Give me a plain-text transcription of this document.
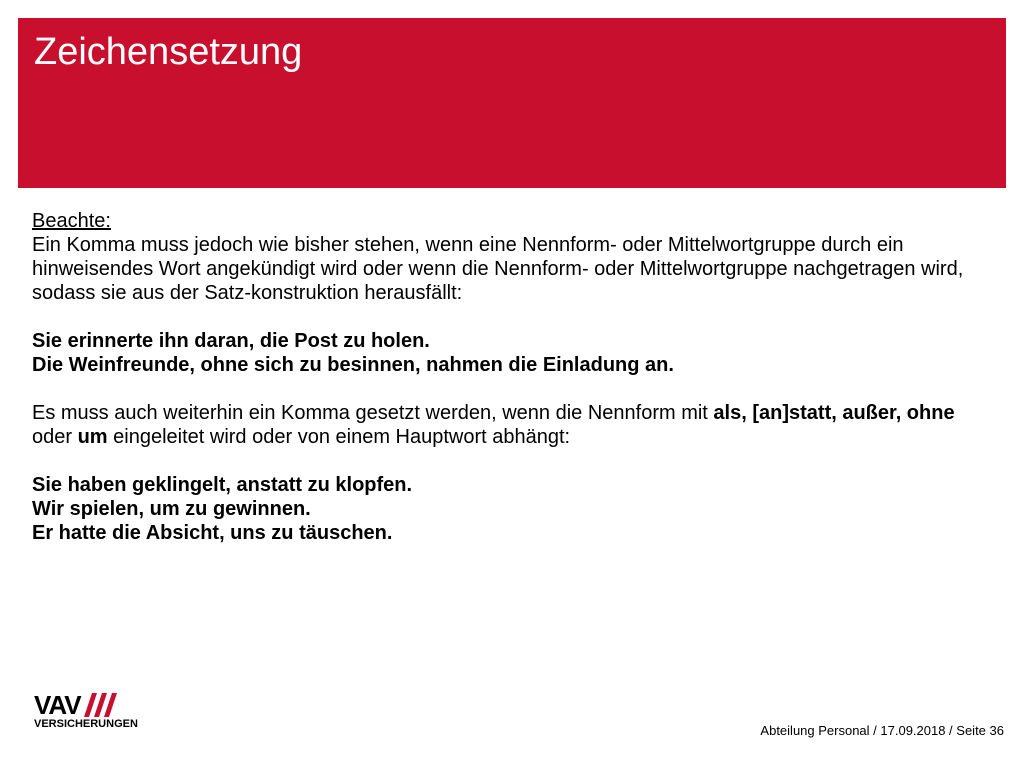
Zeichensetzung

Beachte:

Ein Komma muss jedoch wie bisher stehen, wenn eine Nennform- oder Mittelwortgruppe durch ein hinweisendes Wort angekündigt wird oder wenn die Nennform- oder Mittelwortgruppe nachgetragen wird, sodass sie aus der Satz-konstruktion herausfällt:

Sie erinnerte ihn daran, die Post zu holen.

Die Weinfreunde, ohne sich zu besinnen, nahmen die Einladung an.

Es muss auch weiterhin ein Komma gesetzt werden, wenn die Nennform mit als, [an]statt, außer, ohne oder um eingeleitet wird oder von einem Hauptwort abhängt:

Sie haben geklingelt, anstatt zu klopfen.

Wir spielen, um zu gewinnen.

Er hatte die Absicht, uns zu täuschen.

VAV
VERSICHERUNGEN	Abteilung Personal / 17.09.2018 / Seite 36
